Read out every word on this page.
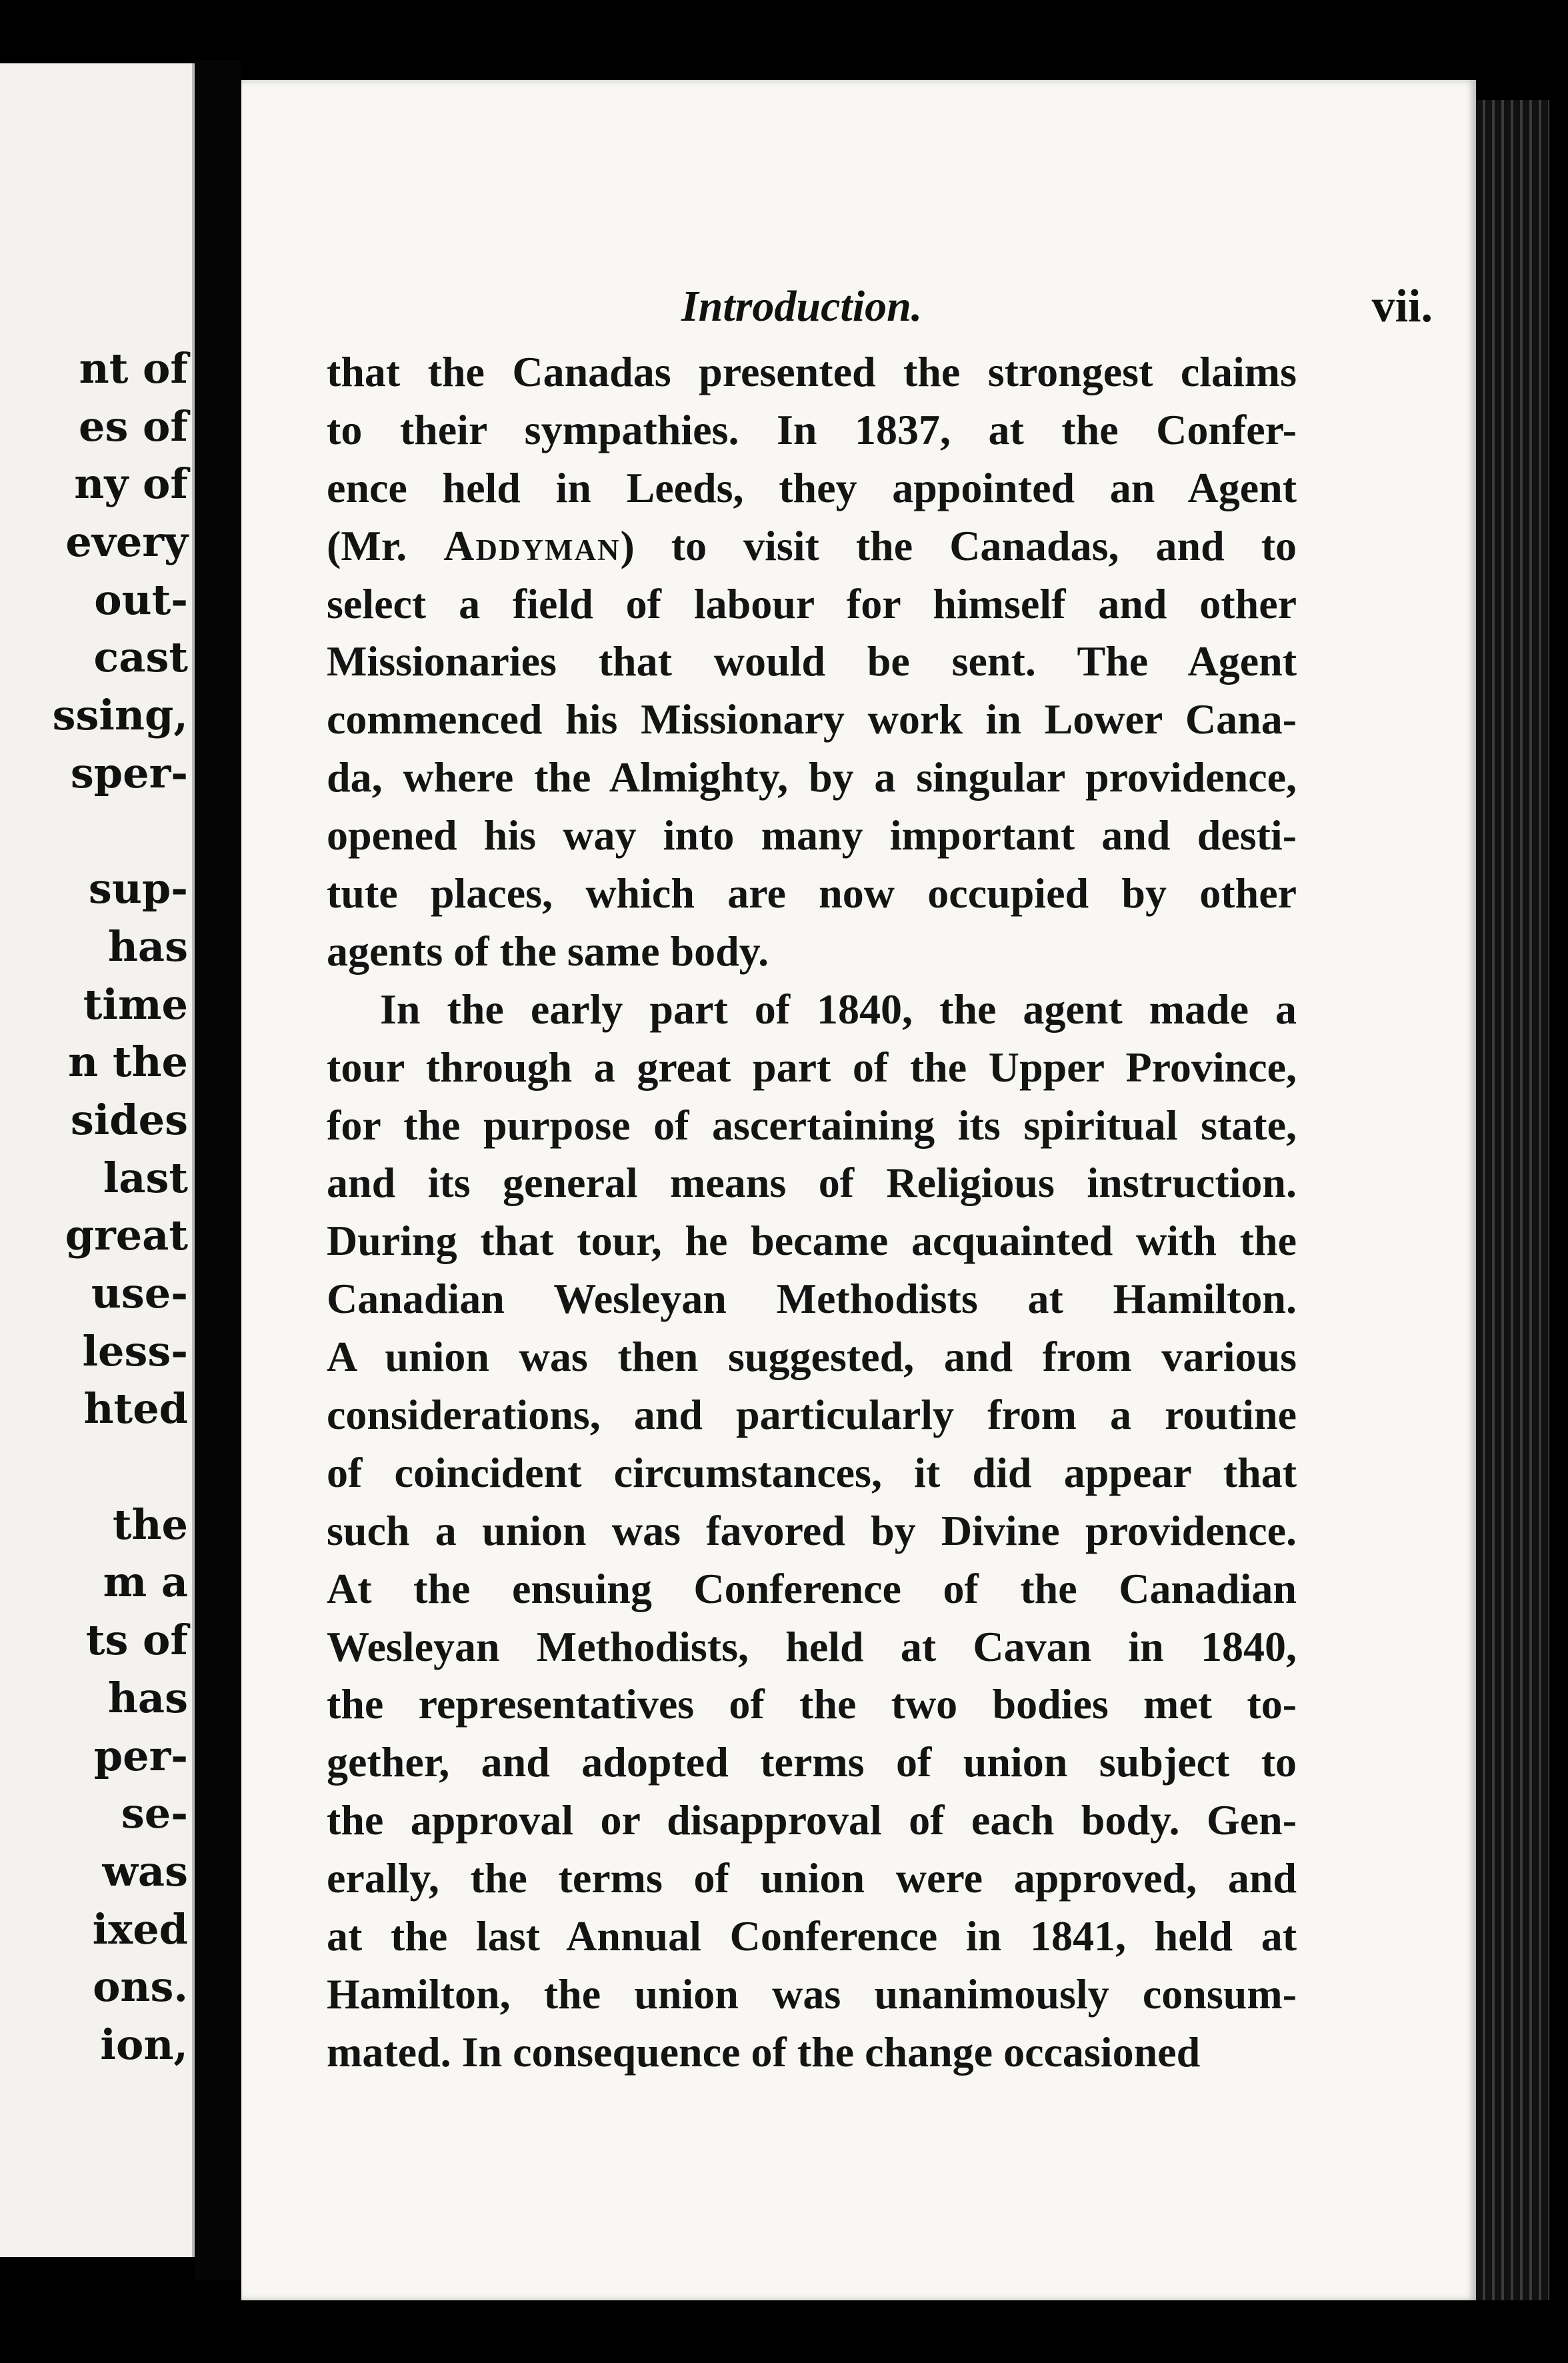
nt of
es of
ny of
every
out-
cast
ssing,
sper-
sup-
has
time
n the
sides
last
great
use-
less-
hted
the
m a
ts of
has
per-
se-
was
ixed
ons.
ion,
Introduction.	vii.
that the Canadas presented the strongest claims
to their sympathies. In 1837, at the Confer-
ence held in Leeds, they appointed an Agent
(Mr. Addyman) to visit the Canadas, and to
select a field of labour for himself and other
Missionaries that would be sent. The Agent
commenced his Missionary work in Lower Cana-
da, where the Almighty, by a singular providence,
opened his way into many important and desti-
tute places, which are now occupied by other
agents of the same body.
In the early part of 1840, the agent made a
tour through a great part of the Upper Province,
for the purpose of ascertaining its spiritual state,
and its general means of Religious instruction.
During that tour, he became acquainted with the
Canadian Wesleyan Methodists at Hamilton.
A union was then suggested, and from various
considerations, and particularly from a routine
of coincident circumstances, it did appear that
such a union was favored by Divine providence.
At the ensuing Conference of the Canadian
Wesleyan Methodists, held at Cavan in 1840,
the representatives of the two bodies met to-
gether, and adopted terms of union subject to
the approval or disapproval of each body. Gen-
erally, the terms of union were approved, and
at the last Annual Conference in 1841, held at
Hamilton, the union was unanimously consum-
mated. In consequence of the change occasioned
